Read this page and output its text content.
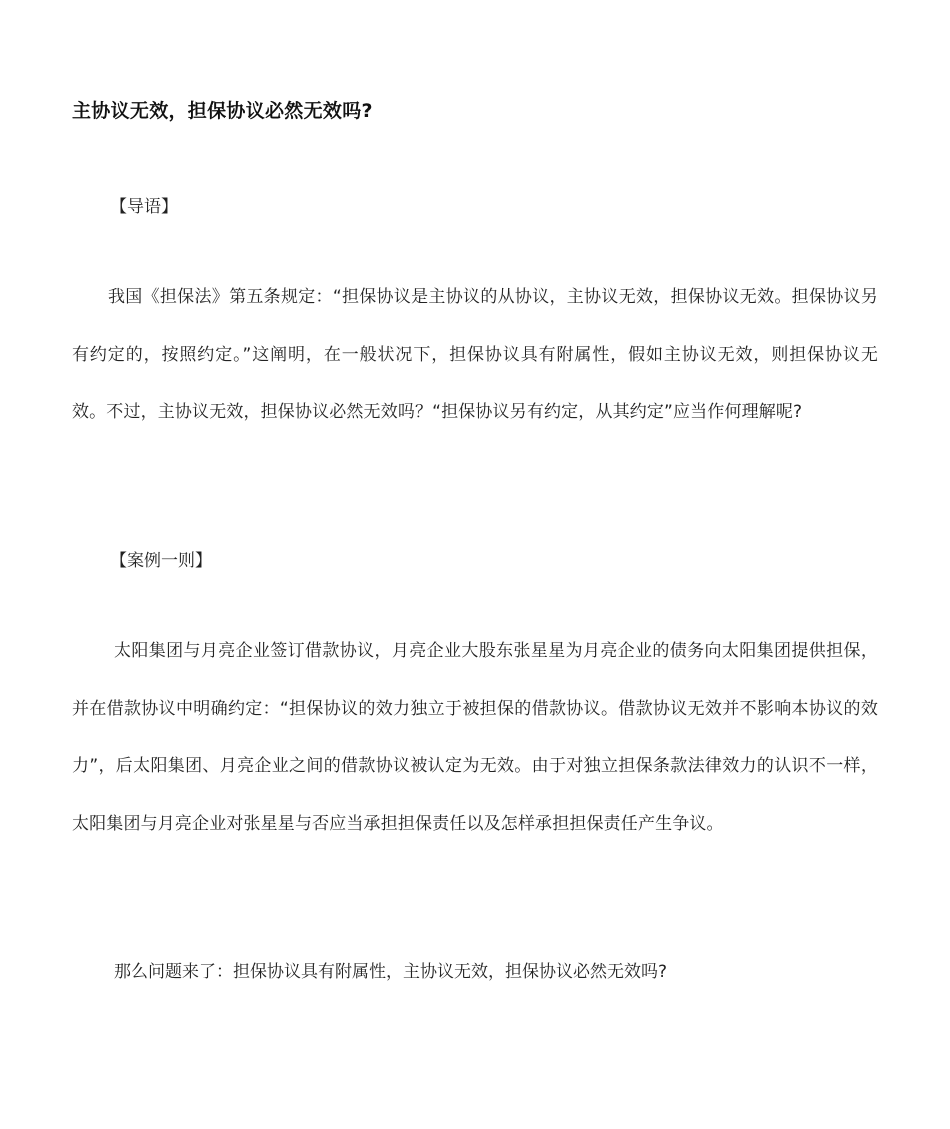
主协议无效，担保协议必然无效吗?

【导语】

我国《担保法》第五条规定：“担保协议是主协议的从协议，主协议无效，担保协议无效。担保协议另有约定的，按照约定。”这阐明，在一般状况下，担保协议具有附属性，假如主协议无效，则担保协议无效。不过，主协议无效，担保协议必然无效吗？“担保协议另有约定，从其约定”应当作何理解呢?

【案例一则】

太阳集团与月亮企业签订借款协议，月亮企业大股东张星星为月亮企业的债务向太阳集团提供担保，并在借款协议中明确约定：“担保协议的效力独立于被担保的借款协议。借款协议无效并不影响本协议的效力”，后太阳集团、月亮企业之间的借款协议被认定为无效。由于对独立担保条款法律效力的认识不一样，太阳集团与月亮企业对张星星与否应当承担担保责任以及怎样承担担保责任产生争议。

那么问题来了：担保协议具有附属性，主协议无效，担保协议必然无效吗?
